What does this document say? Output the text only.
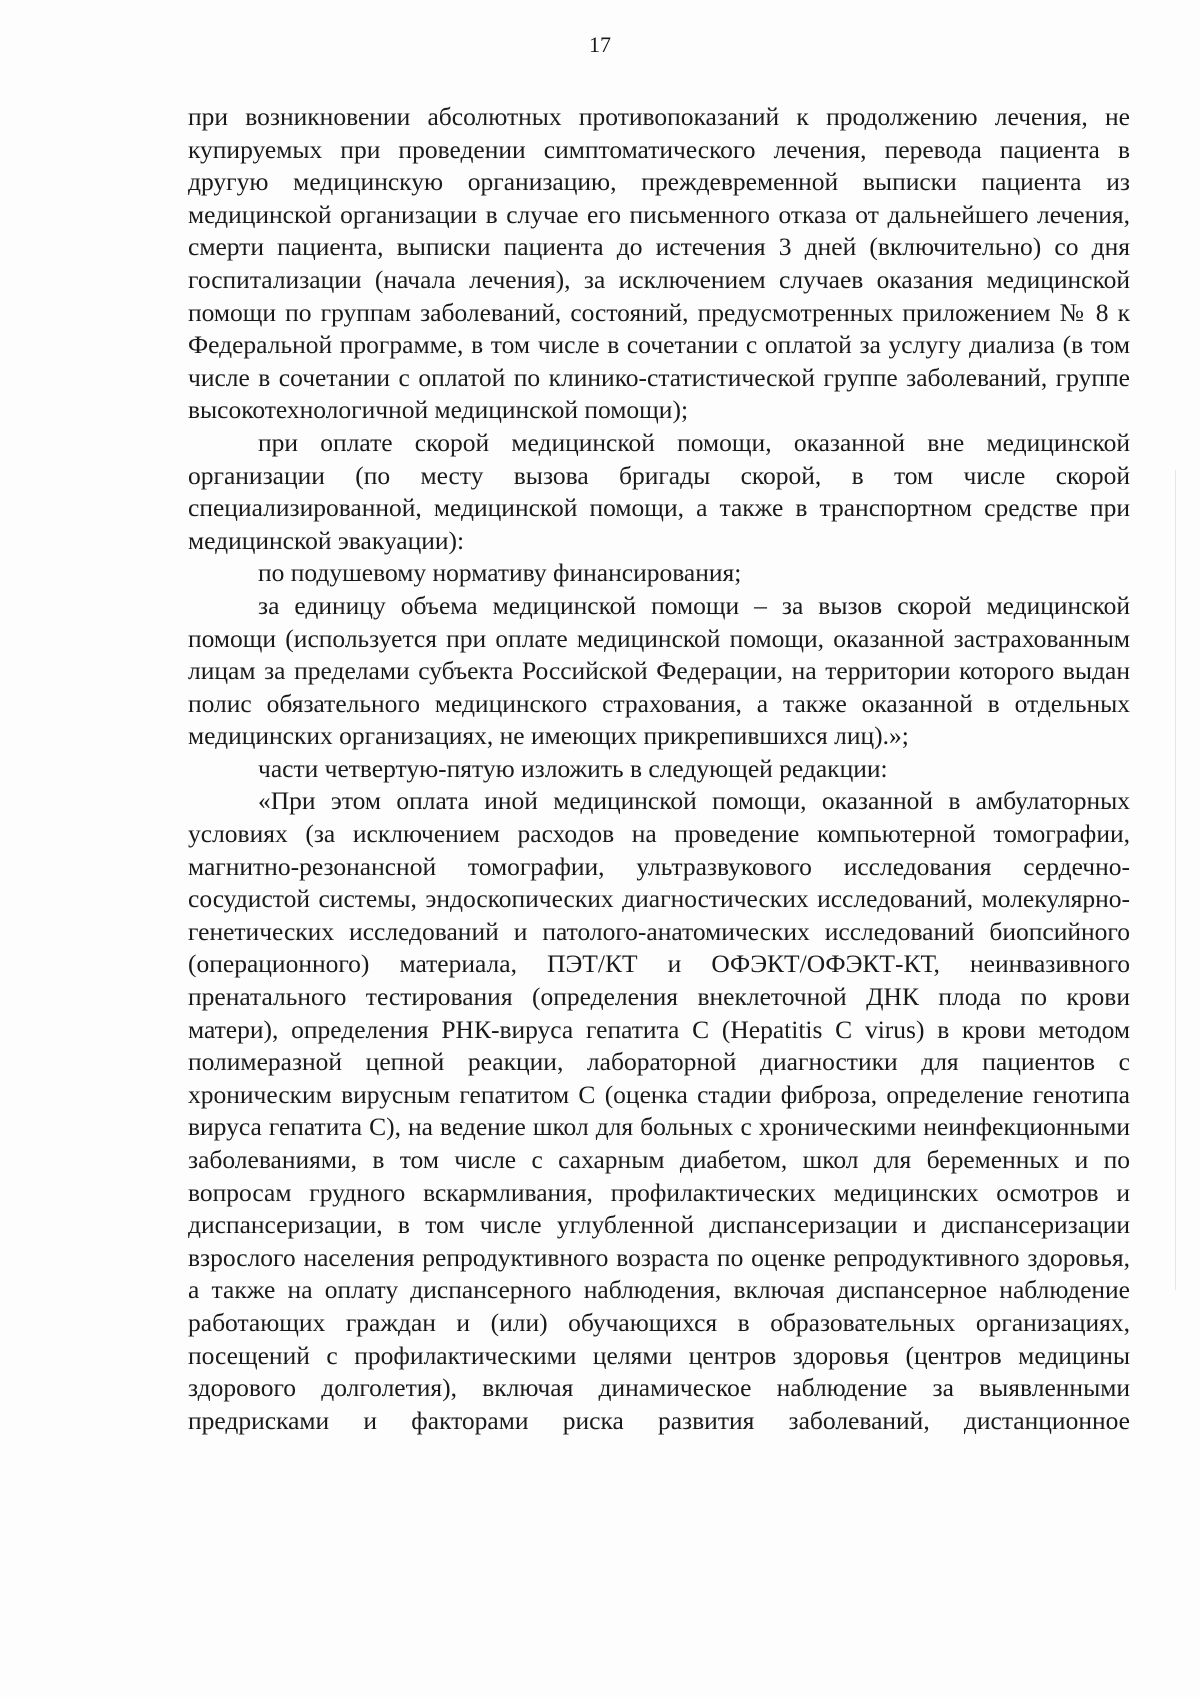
17

при возникновении абсолютных противопоказаний к продолжению лечения, не купируемых при проведении симптоматического лечения, перевода пациента в другую медицинскую организацию, преждевременной выписки пациента из медицинской организации в случае его письменного отказа от дальнейшего лечения, смерти пациента, выписки пациента до истечения 3 дней (включительно) со дня госпитализации (начала лечения), за исключением случаев оказания медицинской помощи по группам заболеваний, состояний, предусмотренных приложением № 8 к Федеральной программе, в том числе в сочетании с оплатой за услугу диализа (в том числе в сочетании с оплатой по клинико-статистической группе заболеваний, группе высокотехнологичной медицинской помощи);

при оплате скорой медицинской помощи, оказанной вне медицинской организации (по месту вызова бригады скорой, в том числе скорой специализированной, медицинской помощи, а также в транспортном средстве при медицинской эвакуации):

по подушевому нормативу финансирования;

за единицу объема медицинской помощи – за вызов скорой медицинской помощи (используется при оплате медицинской помощи, оказанной застрахованным лицам за пределами субъекта Российской Федерации, на территории которого выдан полис обязательного медицинского страхования, а также оказанной в отдельных медицинских организациях, не имеющих прикрепившихся лиц).»;

части четвертую-пятую изложить в следующей редакции:

«При этом оплата иной медицинской помощи, оказанной в амбулаторных условиях (за исключением расходов на проведение компьютерной томографии, магнитно-резонансной томографии, ультразвукового исследования сердечно-сосудистой системы, эндоскопических диагностических исследований, молекулярно-генетических исследований и патолого-анатомических исследований биопсийного (операционного) материала, ПЭТ/КТ и ОФЭКТ/ОФЭКТ-КТ, неинвазивного пренатального тестирования (определения внеклеточной ДНК плода по крови матери), определения РНК-вируса гепатита С (Hepatitis C virus) в крови методом полимеразной цепной реакции, лабораторной диагностики для пациентов с хроническим вирусным гепатитом С (оценка стадии фиброза, определение генотипа вируса гепатита С), на ведение школ для больных с хроническими неинфекционными заболеваниями, в том числе с сахарным диабетом, школ для беременных и по вопросам грудного вскармливания, профилактических медицинских осмотров и диспансеризации, в том числе углубленной диспансеризации и диспансеризации взрослого населения репродуктивного возраста по оценке репродуктивного здоровья, а также на оплату диспансерного наблюдения, включая диспансерное наблюдение работающих граждан и (или) обучающихся в образовательных организациях, посещений с профилактическими целями центров здоровья (центров медицины здорового долголетия), включая динамическое наблюдение за выявленными предрисками и факторами риска развития заболеваний, дистанционное
